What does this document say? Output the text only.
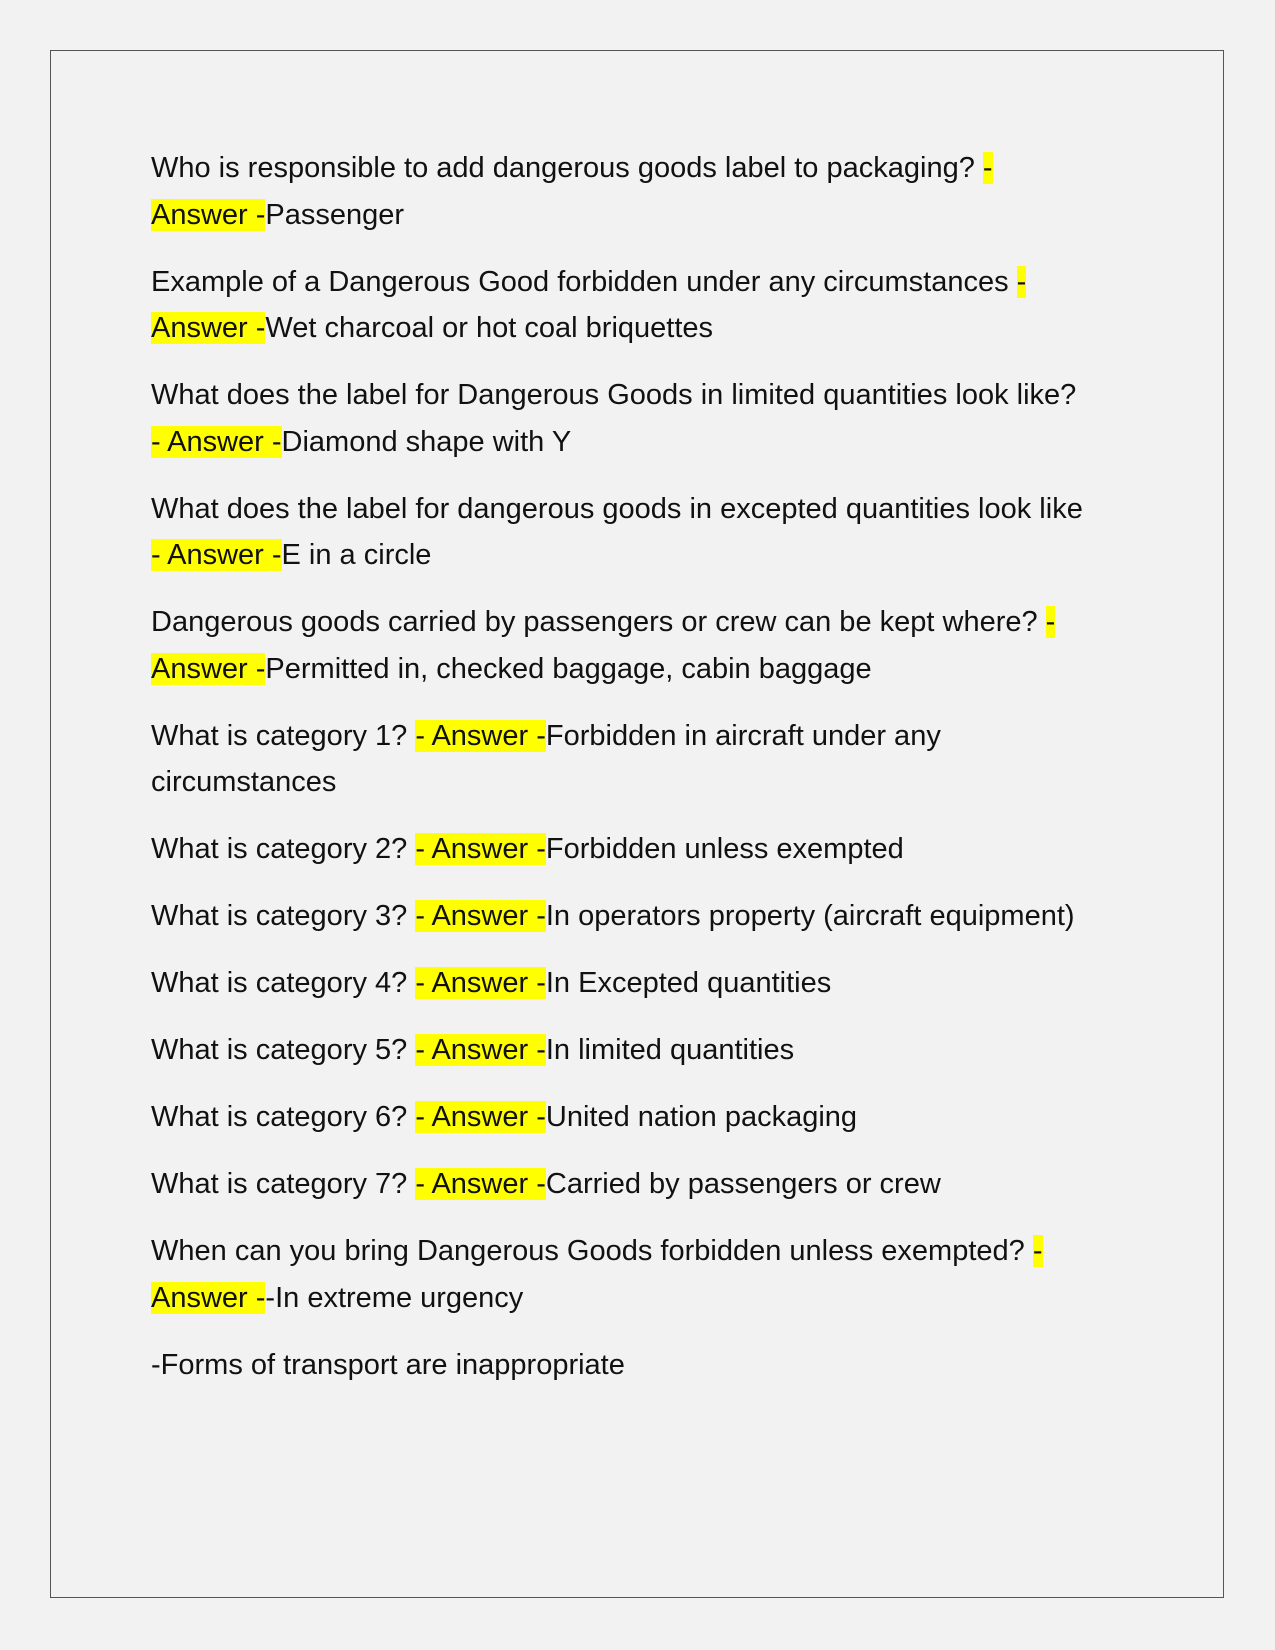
Who is responsible to add dangerous goods label to packaging? - Answer -Passenger

Example of a Dangerous Good forbidden under any circumstances - Answer -Wet charcoal or hot coal briquettes

What does the label for Dangerous Goods in limited quantities look like? - Answer -Diamond shape with Y

What does the label for dangerous goods in excepted quantities look like - Answer -E in a circle

Dangerous goods carried by passengers or crew can be kept where? - Answer -Permitted in, checked baggage, cabin baggage

What is category 1? - Answer -Forbidden in aircraft under any circumstances

What is category 2? - Answer -Forbidden unless exempted

What is category 3? - Answer -In operators property (aircraft equipment)

What is category 4? - Answer -In Excepted quantities

What is category 5? - Answer -In limited quantities

What is category 6? - Answer -United nation packaging

What is category 7? - Answer -Carried by passengers or crew

When can you bring Dangerous Goods forbidden unless exempted? - Answer --In extreme urgency

-Forms of transport are inappropriate
